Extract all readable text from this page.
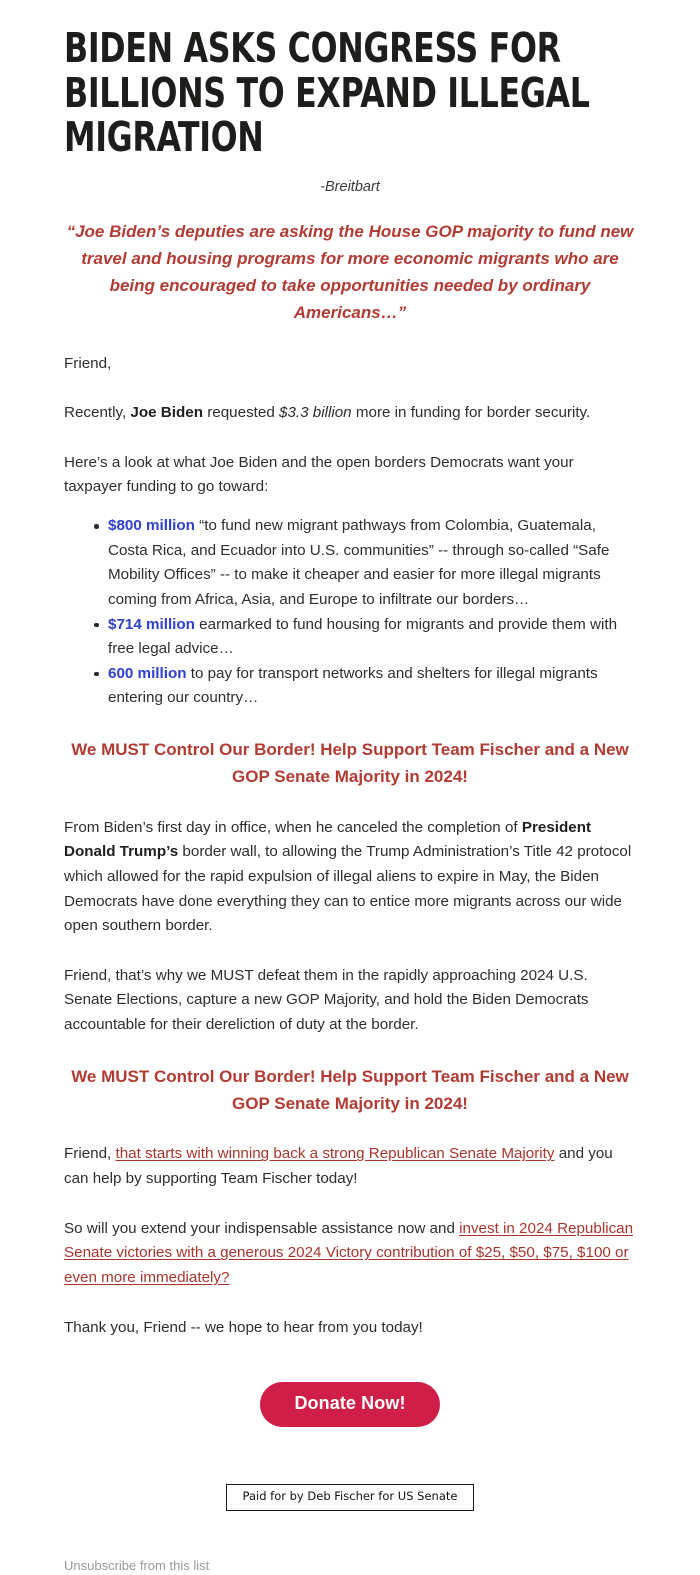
BIDEN ASKS CONGRESS FOR BILLIONS TO EXPAND ILLEGAL MIGRATION

-Breitbart

“Joe Biden’s deputies are asking the House GOP majority to fund new travel and housing programs for more economic migrants who are being encouraged to take opportunities needed by ordinary Americans…”

Friend,

Recently, Joe Biden requested $3.3 billion more in funding for border security.

Here’s a look at what Joe Biden and the open borders Democrats want your taxpayer funding to go toward:

$800 million “to fund new migrant pathways from Colombia, Guatemala, Costa Rica, and Ecuador into U.S. communities” -- through so-called “Safe Mobility Offices” -- to make it cheaper and easier for more illegal migrants coming from Africa, Asia, and Europe to infiltrate our borders…
$714 million earmarked to fund housing for migrants and provide them with free legal advice…
600 million to pay for transport networks and shelters for illegal migrants entering our country…

We MUST Control Our Border! Help Support Team Fischer and a New GOP Senate Majority in 2024!

From Biden’s first day in office, when he canceled the completion of President Donald Trump’s border wall, to allowing the Trump Administration’s Title 42 protocol which allowed for the rapid expulsion of illegal aliens to expire in May, the Biden Democrats have done everything they can to entice more migrants across our wide open southern border.

Friend, that’s why we MUST defeat them in the rapidly approaching 2024 U.S. Senate Elections, capture a new GOP Majority, and hold the Biden Democrats accountable for their dereliction of duty at the border.

We MUST Control Our Border! Help Support Team Fischer and a New GOP Senate Majority in 2024!

Friend, that starts with winning back a strong Republican Senate Majority and you can help by supporting Team Fischer today!

So will you extend your indispensable assistance now and invest in 2024 Republican Senate victories with a generous 2024 Victory contribution of $25, $50, $75, $100 or even more immediately?

Thank you, Friend -- we hope to hear from you today!

Donate Now!
Paid for by Deb Fischer for US Senate
Unsubscribe from this list
